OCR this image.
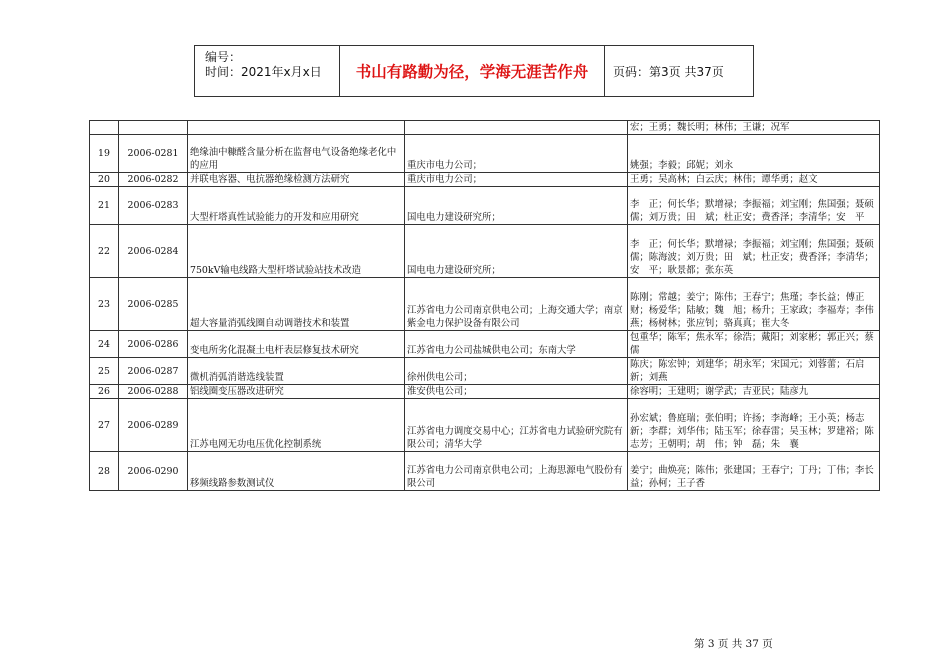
编号：
时间：2021年x月x日	书山有路勤为径，学海无涯苦作舟	页码：第3页 共37页
				宏；王勇；魏长明；林伟；王谦；况军
19	2006-0281	绝缘油中糠醛含量分析在监督电气设备绝缘老化中的应用	重庆市电力公司；	姚强；李毅；邱妮；刘永
20	2006-0282	并联电容器、电抗器绝缘检测方法研究	重庆市电力公司；	王勇；吴高林；白云庆；林伟；谭华勇；赵文
21	2006-0283	大型杆塔真性试验能力的开发和应用研究	国电电力建设研究所；	李　正；何长华；默增禄；李振福；刘宝刚；焦国强；聂硕儒；刘万贵；田　斌；杜正安；费香泽；李清华；安　平
22	2006-0284	750kV输电线路大型杆塔试验站技术改造	国电电力建设研究所；	李　正；何长华；默增禄；李振福；刘宝刚；焦国强；聂硕儒；陈海波；刘万贵；田　斌；杜正安；费香泽；李清华；安　平；耿景都；张东英
23	2006-0285	超大容量消弧线圈自动调谐技术和装置	江苏省电力公司南京供电公司；上海交通大学；南京紫金电力保护设备有限公司	陈刚；常越；姜宁；陈伟；王春宁；焦瑾；李长益；傅正财；杨爱华；陆敏；魏　旭；杨升；王家政；李福寿；李伟燕；杨树林；张应钊；骆真真；崔大冬
24	2006-0286	变电所劣化混凝土电杆表层修复技术研究	江苏省电力公司盐城供电公司；东南大学	包重华；陈军；焦永军；徐浩；戴阳；刘家彬；郭正兴；蔡儒
25	2006-0287	微机消弧消谐选线装置	徐州供电公司；	陈庆；陈宏钟；刘建华；胡永军；宋国元；刘蓉蕾；石启新；刘燕
26	2006-0288	铝线圈变压器改进研究	淮安供电公司；	徐容明；王建明；谢学武；吉亚民；陆彦九
27	2006-0289	江苏电网无功电压优化控制系统	江苏省电力调度交易中心；江苏省电力试验研究院有限公司；清华大学	孙宏斌；鲁庭瑞；张伯明；许扬；李海峰；王小英；杨志新；李群；刘华伟；陆玉军；徐春雷；吴玉林；罗建裕；陈志芳；王朝明；胡　伟；钟　磊；朱　襄
28	2006-0290	移频线路参数测试仪	江苏省电力公司南京供电公司；上海思源电气股份有限公司	姜宁；曲焕亮；陈伟；张建国；王春宁；丁丹；丁伟；李长益；孙柯；王子香
第 3 页 共 37 页
